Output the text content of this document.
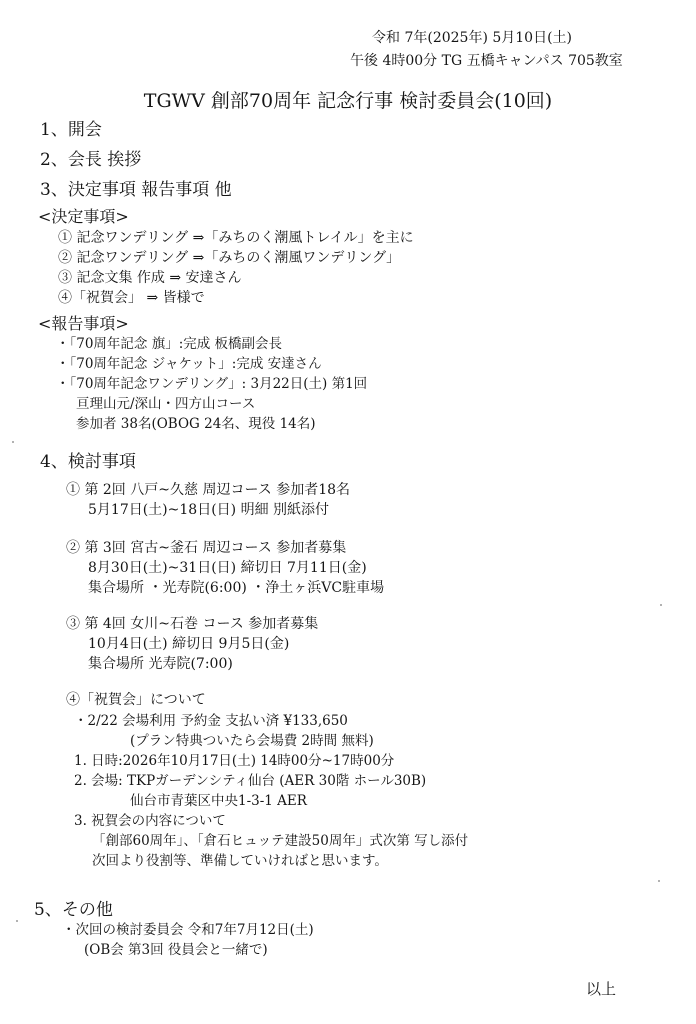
令和 7年(2025年) 5月10日(土)
午後 4時00分 TG 五橋キャンパス 705教室
TGWV 創部70周年 記念行事 検討委員会(10回)
1、開会
2、会長 挨拶
3、決定事項 報告事項 他
<決定事項>
① 記念ワンデリング ⇒「みちのく潮風トレイル」を主に
② 記念ワンデリング ⇒「みちのく潮風ワンデリング」
③ 記念文集 作成 ⇒ 安達さん
④「祝賀会」 ⇒ 皆様で
<報告事項>
・「70周年記念 旗」:完成 板橋副会長
・「70周年記念 ジャケット」:完成 安達さん
・「70周年記念ワンデリング」: 3月22日(土) 第1回
亘理山元/深山・四方山コース
参加者 38名(OBOG 24名、現役 14名)
4、検討事項
① 第 2回 八戸~久慈 周辺コース 参加者18名
5月17日(土)~18日(日) 明細 別紙添付
② 第 3回 宮古~釜石 周辺コース 参加者募集
8月30日(土)~31日(日) 締切日 7月11日(金)
集合場所 ・光寿院(6:00) ・浄土ヶ浜VC駐車場
③ 第 4回 女川~石巻 コース 参加者募集
10月4日(土) 締切日 9月5日(金)
集合場所 光寿院(7:00)
④「祝賀会」について
・2/22 会場利用 予約金 支払い済 ¥133,650
(プラン特典ついたら会場費 2時間 無料)
1. 日時:2026年10月17日(土) 14時00分~17時00分
2. 会場: TKPガーデンシティ仙台 (AER 30階 ホール30B)
仙台市青葉区中央1-3-1 AER
3. 祝賀会の内容について
「創部60周年」、「倉石ヒュッテ建設50周年」式次第 写し添付
次回より役割等、準備していければと思います。
5、その他
・次回の検討委員会 令和7年7月12日(土)
(OB会 第3回 役員会と一緒で)
以上
